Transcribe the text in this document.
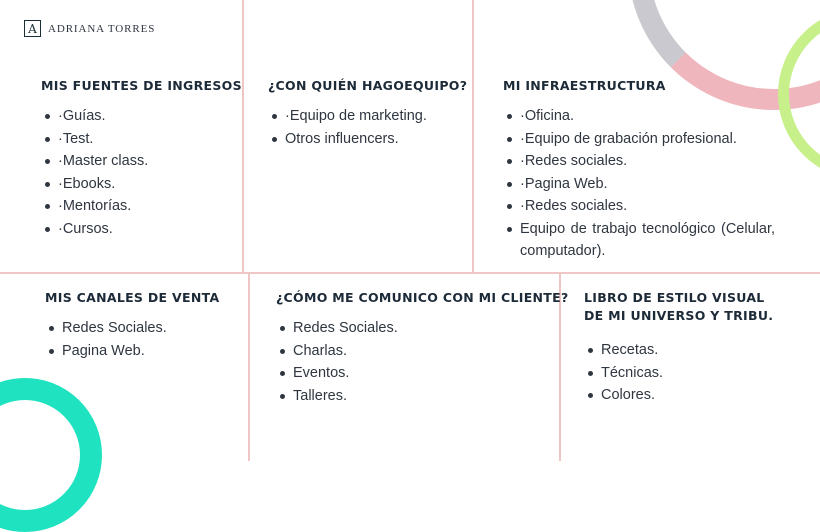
A ADRIANA TORRES
MIS FUENTES DE INGRESOS
·Guías.
·Test.
·Master class.
·Ebooks.
·Mentorías.
·Cursos.
¿CON QUIÉN HAGOEQUIPO?
·Equipo de marketing.
Otros influencers.
MI INFRAESTRUCTURA
·Oficina.
·Equipo de grabación profesional.
·Redes sociales.
·Pagina Web.
·Redes sociales.
Equipo de trabajo tecnológico (Celular, computador).
MIS CANALES DE VENTA
Redes Sociales.
Pagina Web.
¿CÓMO ME COMUNICO CON MI CLIENTE?
Redes Sociales.
Charlas.
Eventos.
Talleres.
LIBRO DE ESTILO VISUAL
DE MI UNIVERSO Y TRIBU.
Recetas.
Técnicas.
Colores.
